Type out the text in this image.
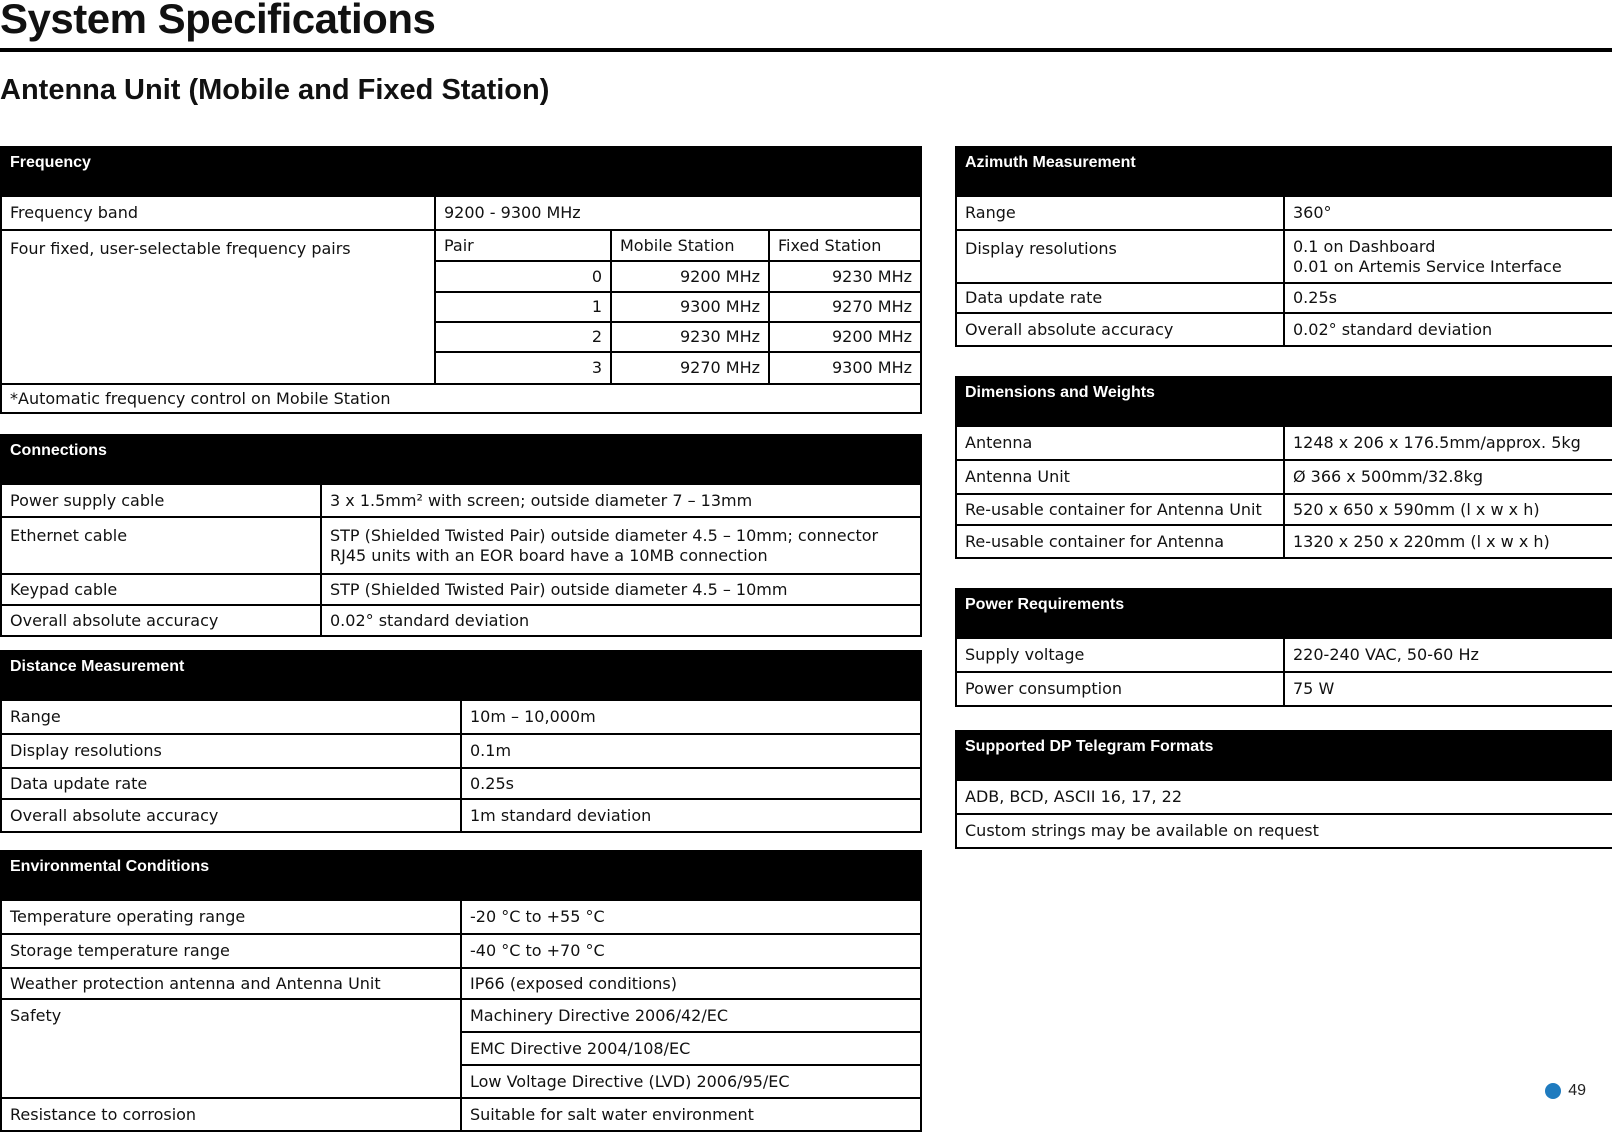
System Specifications
Antenna Unit (Mobile and Fixed Station)
Frequency			
Frequency band	9200 - 9300 MHz		
Four fixed, user-selectable frequency pairs	Pair	Mobile Station	Fixed Station
	0	9200 MHz	9230 MHz
	1	9300 MHz	9270 MHz
	2	9230 MHz	9200 MHz
	3	9270 MHz	9300 MHz
*Automatic frequency control on Mobile Station			
Connections	
Power supply cable	3 x 1.5mm² with screen; outside diameter 7 – 13mm
Ethernet cable	STP (Shielded Twisted Pair) outside diameter 4.5 – 10mm; connector RJ45 units with an EOR board have a 10MB connection
Keypad cable	STP (Shielded Twisted Pair) outside diameter 4.5 – 10mm
Overall absolute accuracy	0.02° standard deviation
Distance Measurement	
Range	10m – 10,000m
Display resolutions	0.1m
Data update rate	0.25s
Overall absolute accuracy	1m standard deviation
Environmental Conditions	
Temperature operating range	-20 °C to +55 °C
Storage temperature range	-40 °C to +70 °C
Weather protection antenna and Antenna Unit	IP66 (exposed conditions)
Safety	Machinery Directive 2006/42/EC
	EMC Directive 2004/108/EC
	Low Voltage Directive (LVD) 2006/95/EC
Resistance to corrosion	Suitable for salt water environment
Azimuth Measurement	
Range	360°
Display resolutions	0.1 on Dashboard
0.01 on Artemis Service Interface

Data update rate	0.25s
Overall absolute accuracy	0.02° standard deviation
Dimensions and Weights	
Antenna	1248 x 206 x 176.5mm/approx. 5kg
Antenna Unit	Ø 366 x 500mm/32.8kg
Re-usable container for Antenna Unit	520 x 650 x 590mm (l x w x h)
Re-usable container for Antenna	1320 x 250 x 220mm (l x w x h)
Power Requirements	
Supply voltage	220-240 VAC, 50-60 Hz
Power consumption	75 W
Supported DP Telegram Formats
ADB, BCD, ASCII 16, 17, 22
Custom strings may be available on request
49
